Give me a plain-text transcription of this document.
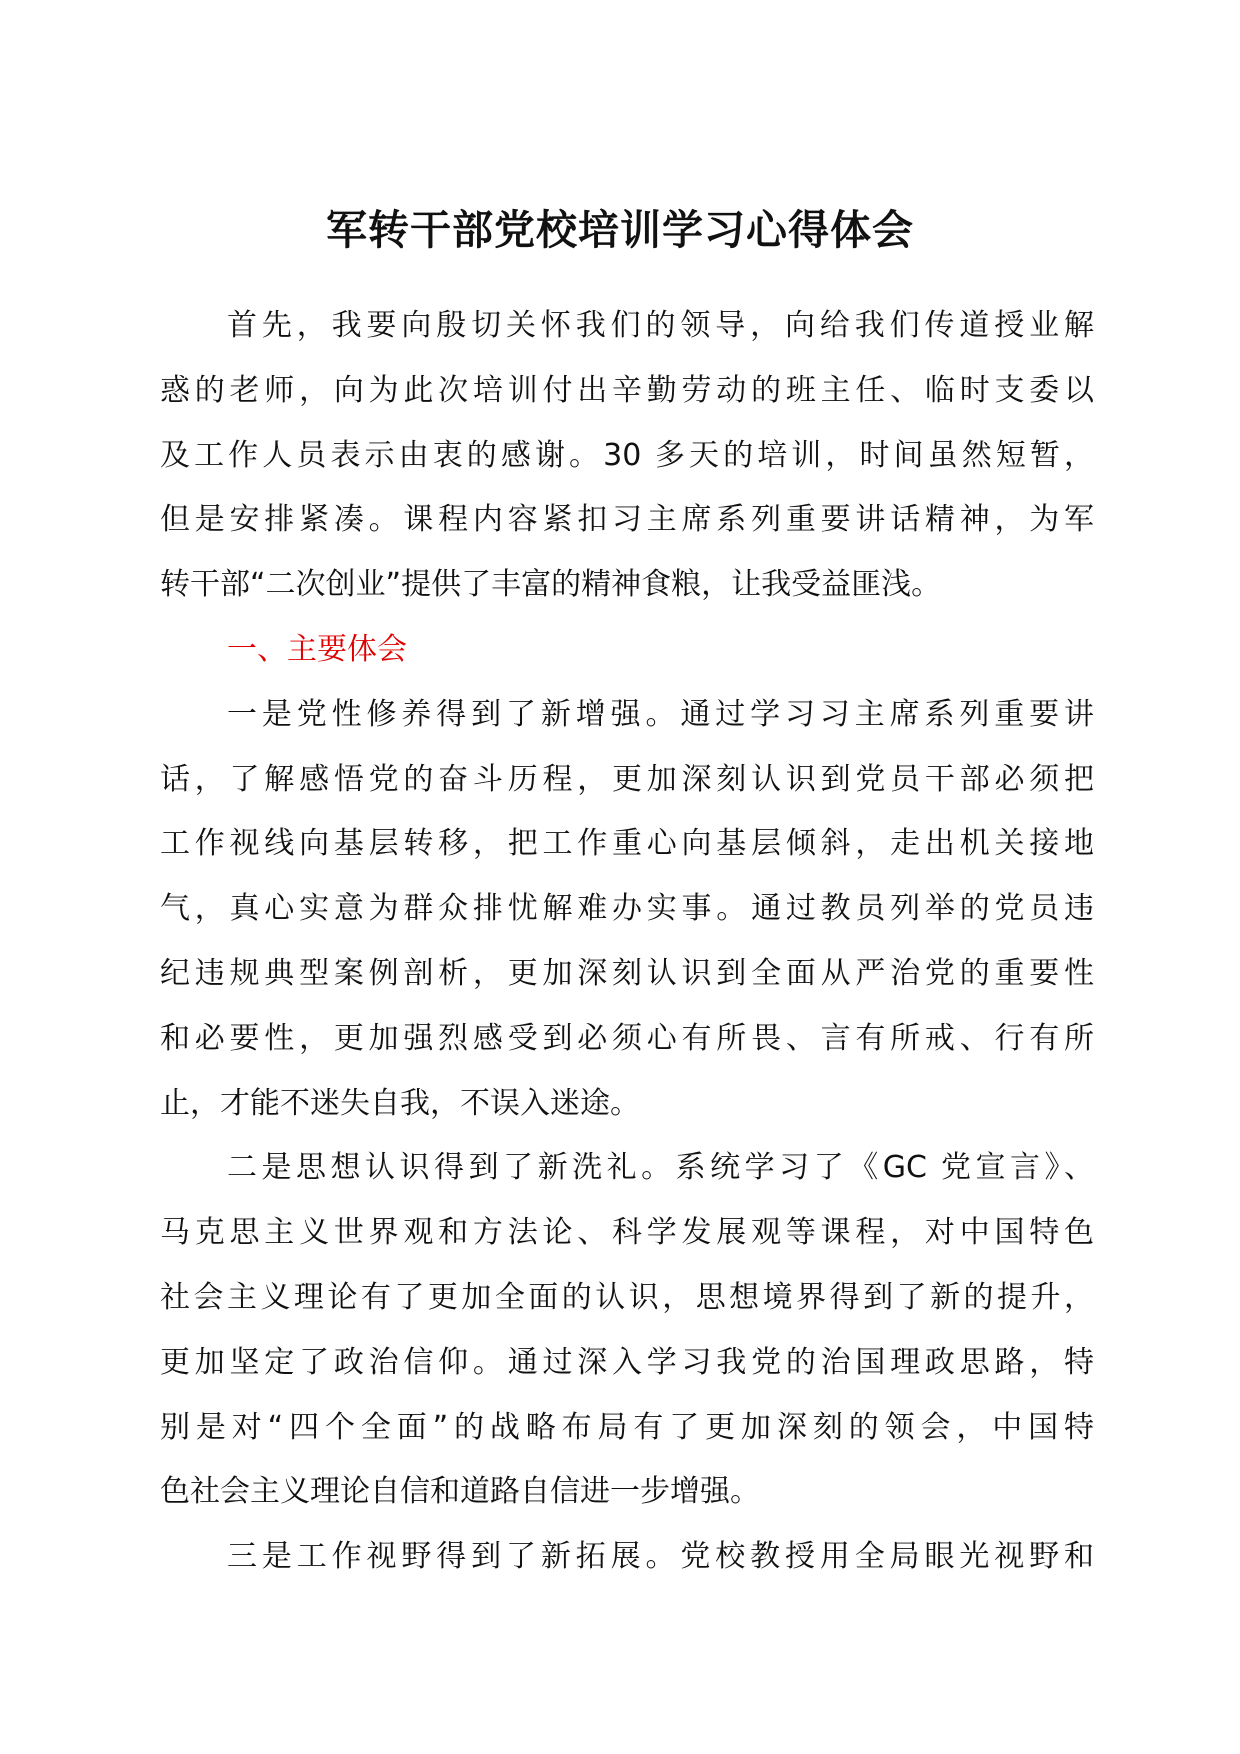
军转干部党校培训学习心得体会
首先，我要向殷切关怀我们的领导，向给我们传道授业解
惑的老师，向为此次培训付出辛勤劳动的班主任、临时支委以
及工作人员表示由衷的感谢。30 多天的培训，时间虽然短暂，
但是安排紧凑。课程内容紧扣习主席系列重要讲话精神，为军
转干部“二次创业”提供了丰富的精神食粮，让我受益匪浅。
一、主要体会
一是党性修养得到了新增强。通过学习习主席系列重要讲
话，了解感悟党的奋斗历程，更加深刻认识到党员干部必须把
工作视线向基层转移，把工作重心向基层倾斜，走出机关接地
气，真心实意为群众排忧解难办实事。通过教员列举的党员违
纪违规典型案例剖析，更加深刻认识到全面从严治党的重要性
和必要性，更加强烈感受到必须心有所畏、言有所戒、行有所
止，才能不迷失自我，不误入迷途。
二是思想认识得到了新洗礼。系统学习了《GC 党宣言》、
马克思主义世界观和方法论、科学发展观等课程，对中国特色
社会主义理论有了更加全面的认识，思想境界得到了新的提升，
更加坚定了政治信仰。通过深入学习我党的治国理政思路，特
别是对“四个全面”的战略布局有了更加深刻的领会，中国特
色社会主义理论自信和道路自信进一步增强。
三是工作视野得到了新拓展。党校教授用全局眼光视野和
